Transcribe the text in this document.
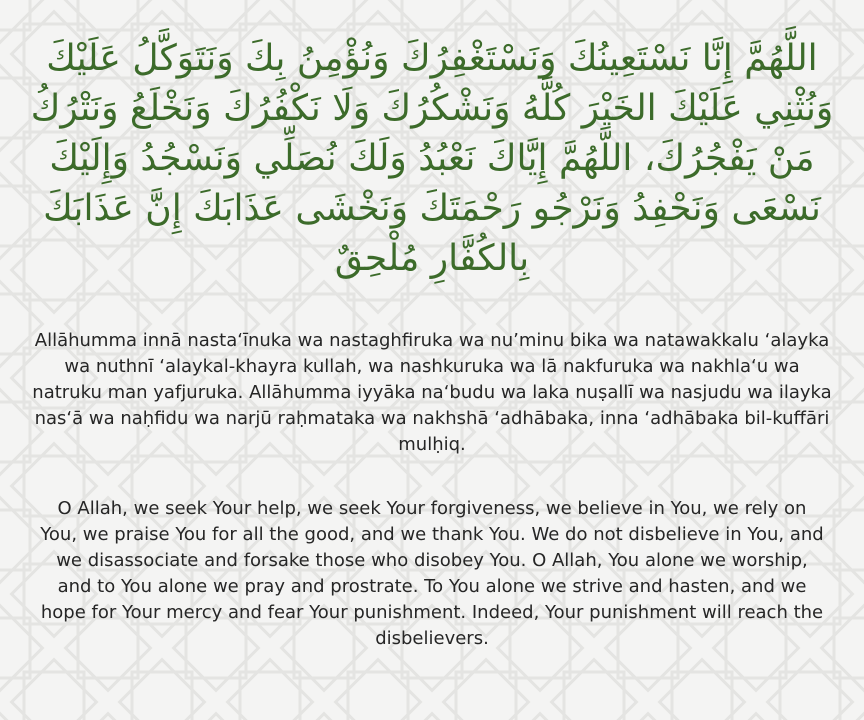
اللَّهُمَّ إِنَّا نَسْتَعِينُكَ وَنَسْتَغْفِرُكَ وَنُؤْمِنُ بِكَ وَنَتَوَكَّلُ عَلَيْكَ وَنُثْنِي عَلَيْكَ الخَيْرَ كُلَّهُ وَنَشْكُرُكَ وَلَا نَكْفُرُكَ وَنَخْلَعُ وَنَتْرُكُ مَنْ يَفْجُرُكَ، اللَّهُمَّ إِيَّاكَ نَعْبُدُ وَلَكَ نُصَلِّي وَنَسْجُدُ وَإِلَيْكَ نَسْعَى وَنَحْفِدُ وَنَرْجُو رَحْمَتَكَ وَنَخْشَى عَذَابَكَ إِنَّ عَذَابَكَ بِالكُفَّارِ مُلْحِقٌ

Allāhumma innā nasta‘īnuka wa nastaghfiruka wa nu’minu bika wa natawakkalu ‘alayka wa nuthnī ‘alaykal-khayra kullah, wa nashkuruka wa lā nakfuruka wa nakhla‘u wa natruku man yafjuruka. Allāhumma iyyāka na‘budu wa laka nuṣallī wa nasjudu wa ilayka nas‘ā wa naḥfidu wa narjū raḥmataka wa nakhshā ‘adhābaka, inna ‘adhābaka bil-kuffāri mulḥiq.

O Allah, we seek Your help, we seek Your forgiveness, we believe in You, we rely on You, we praise You for all the good, and we thank You. We do not disbelieve in You, and we disassociate and forsake those who disobey You. O Allah, You alone we worship, and to You alone we pray and prostrate. To You alone we strive and hasten, and we hope for Your mercy and fear Your punishment. Indeed, Your punishment will reach the disbelievers.
